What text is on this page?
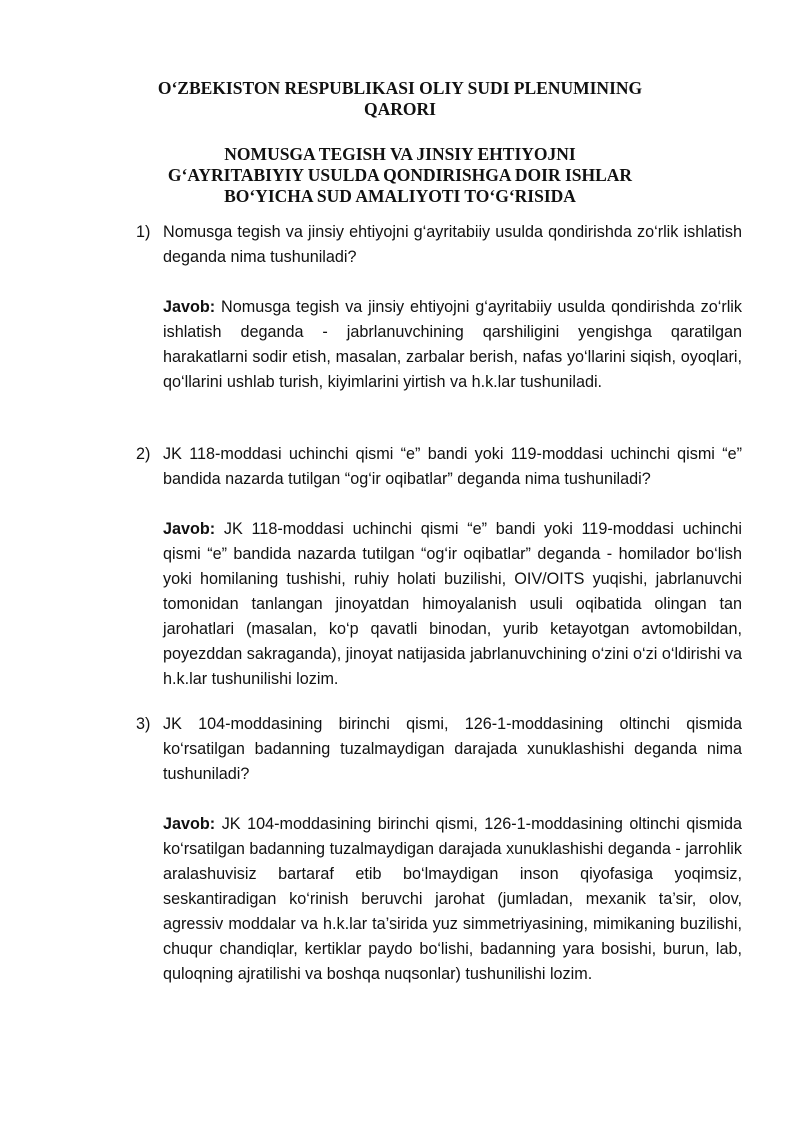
O‘ZBEKISTON RESPUBLIKASI OLIY SUDI PLENUMINING
QARORI
NOMUSGA TEGISH VA JINSIY EHTIYOJNI
G‘AYRITABIYIY USULDA QONDIRISHGA DOIR ISHLAR
BO‘YICHA SUD AMALIYOTI TO‘G‘RISIDA
1) Nomusga tegish va jinsiy ehtiyojni g‘ayritabiiy usulda qondirishda zo‘rlik ishlatish deganda nima tushuniladi?

Javob: Nomusga tegish va jinsiy ehtiyojni g‘ayritabiiy usulda qondirishda zo‘rlik ishlatish deganda - jabrlanuvchining qarshiligini yengishga qaratilgan harakatlarni sodir etish, masalan, zarbalar berish, nafas yo‘llarini siqish, oyoqlari, qo‘llarini ushlab turish, kiyimlarini yirtish va h.k.lar tushuniladi.

2) JK 118-moddasi uchinchi qismi “e” bandi yoki 119-moddasi uchinchi qismi “e” bandida nazarda tutilgan “og‘ir oqibatlar” deganda nima tushuniladi?

Javob: JK 118-moddasi uchinchi qismi “e” bandi yoki 119-moddasi uchinchi qismi “e” bandida nazarda tutilgan “og‘ir oqibatlar” deganda - homilador bo‘lish yoki homilaning tushishi, ruhiy holati buzilishi, OIV/OITS yuqishi, jabrlanuvchi tomonidan tanlangan jinoyatdan himoyalanish usuli oqibatida olingan tan jarohatlari (masalan, ko‘p qavatli binodan, yurib ketayotgan avtomobildan, poyezddan sakraganda), jinoyat natijasida jabrlanuvchining o‘zini o‘zi o‘ldirishi va h.k.lar tushunilishi lozim.

3) JK 104-moddasining birinchi qismi, 126-1-moddasining oltinchi qismida ko‘rsatilgan badanning tuzalmaydigan darajada xunuklashishi deganda nima tushuniladi?

Javob: JK 104-moddasining birinchi qismi, 126-1-moddasining oltinchi qismida ko‘rsatilgan badanning tuzalmaydigan darajada xunuklashishi deganda - jarrohlik aralashuvisiz bartaraf etib bo‘lmaydigan inson qiyofasiga yoqimsiz, seskantiradigan ko‘rinish beruvchi jarohat (jumladan, mexanik ta’sir, olov, agressiv moddalar va h.k.lar ta’sirida yuz simmetriyasining, mimikaning buzilishi, chuqur chandiqlar, kertiklar paydo bo‘lishi, badanning yara bosishi, burun, lab, quloqning ajratilishi va boshqa nuqsonlar) tushunilishi lozim.
